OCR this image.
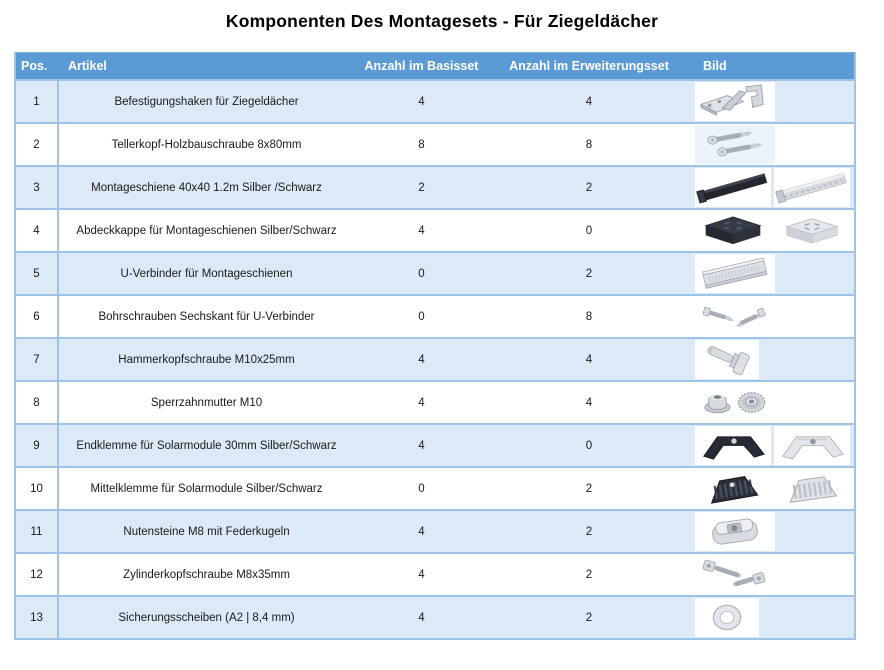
Komponenten Des Montagesets - Für Ziegeldächer
Pos.	Artikel	Anzahl im Basisset	Anzahl im Erweiterungsset	Bild
1	Befestigungshaken für Ziegeldächer	4	4
2	Tellerkopf-Holzbauschraube 8x80mm	8	8
3	Montageschiene 40x40 1.2m Silber /Schwarz	2	2
4	Abdeckkappe für Montageschienen Silber/Schwarz	4	0
5	U-Verbinder für Montageschienen	0	2
6	Bohrschrauben Sechskant für U-Verbinder	0	8
7	Hammerkopfschraube M10x25mm	4	4
8	Sperrzahnmutter M10	4	4
9	Endklemme für Solarmodule 30mm Silber/Schwarz	4	0
10	Mittelklemme für Solarmodule Silber/Schwarz	0	2
11	Nutensteine M8 mit Federkugeln	4	2
12	Zylinderkopfschraube M8x35mm	4	2
13	Sicherungsscheiben (A2 | 8,4 mm)	4	2
